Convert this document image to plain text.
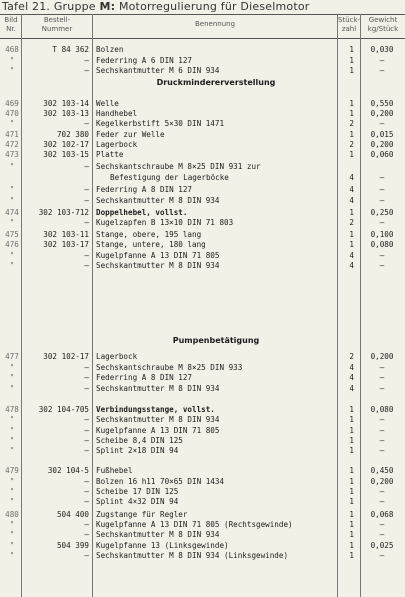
Tafel 21. Gruppe M: Motorregulierung für Dieselmotor
Bild Nr.
Bestell- Nummer
Benennung	Stück- zahl
Gewicht kg/Stück
Druckmindererverstellung
Pumpenbetätigung
468	T 84 362 Bolzen	1	0,030
"	— Federring A 6 DIN 127	1	—
"	— Sechskantmutter M 6 DIN 934	1	—
469	302 103-14 Welle	1	0,550
470	302 103-13 Handhebel	1	0,200
"	— Kegelkerbstift 5×30 DIN 1471	2	—
471	702 380 Feder zur Welle	1	0,015
472	302 102-17 Lagerbock	2	0,200
473	302 103-15 Platte	1	0,060
"	— Sechskantschraube M 8×25 DIN 931 zur
Befestigung der Lagerböcke	4	—
"	— Federring A 8 DIN 127	4	—
"	— Sechskantmutter M 8 DIN 934	4	—
474	302 103-712 Doppelhebel, vollst.	1	0,250
"	— Kugelzapfen B 13×10 DIN 71 803	2	—
475	302 103-11 Stange, obere, 195 lang	1	0,100
476	302 103-17 Stange, untere, 180 lang	1	0,080
"	— Kugelpfanne A 13 DIN 71 805	4	—
"	— Sechskantmutter M 8 DIN 934	4	—
477	302 102-17 Lagerbock	2	0,200
"	— Sechskantschraube M 8×25 DIN 933	4	—
"	— Federring A 8 DIN 127	4	—
"	— Sechskantmutter M 8 DIN 934	4	—
478	302 104-705 Verbindungsstange, vollst.	1	0,080
"	— Sechskantmutter M 8 DIN 934	1	—
"	— Kugelpfanne A 13 DIN 71 805	1	—
"	— Scheibe 8,4 DIN 125	1	—
"	— Splint 2×18 DIN 94	1	—
479	302 104-5 Fußhebel	1	0,450
"	— Bolzen 16 h11 70×65 DIN 1434	1	0,200
"	— Scheibe 17 DIN 125	1	—
"	— Splint 4×32 DIN 94	1	—
480	504 400 Zugstange für Regler	1	0,068
"	— Kugelpfanne A 13 DIN 71 805 (Rechtsgewinde)	1	—
"	— Sechskantmutter M 8 DIN 934	1	—
"	504 399 Kugelpfanne 13 (Linksgewinde)	1	0,025
"	— Sechskantmutter M 8 DIN 934 (Linksgewinde)	1	—
